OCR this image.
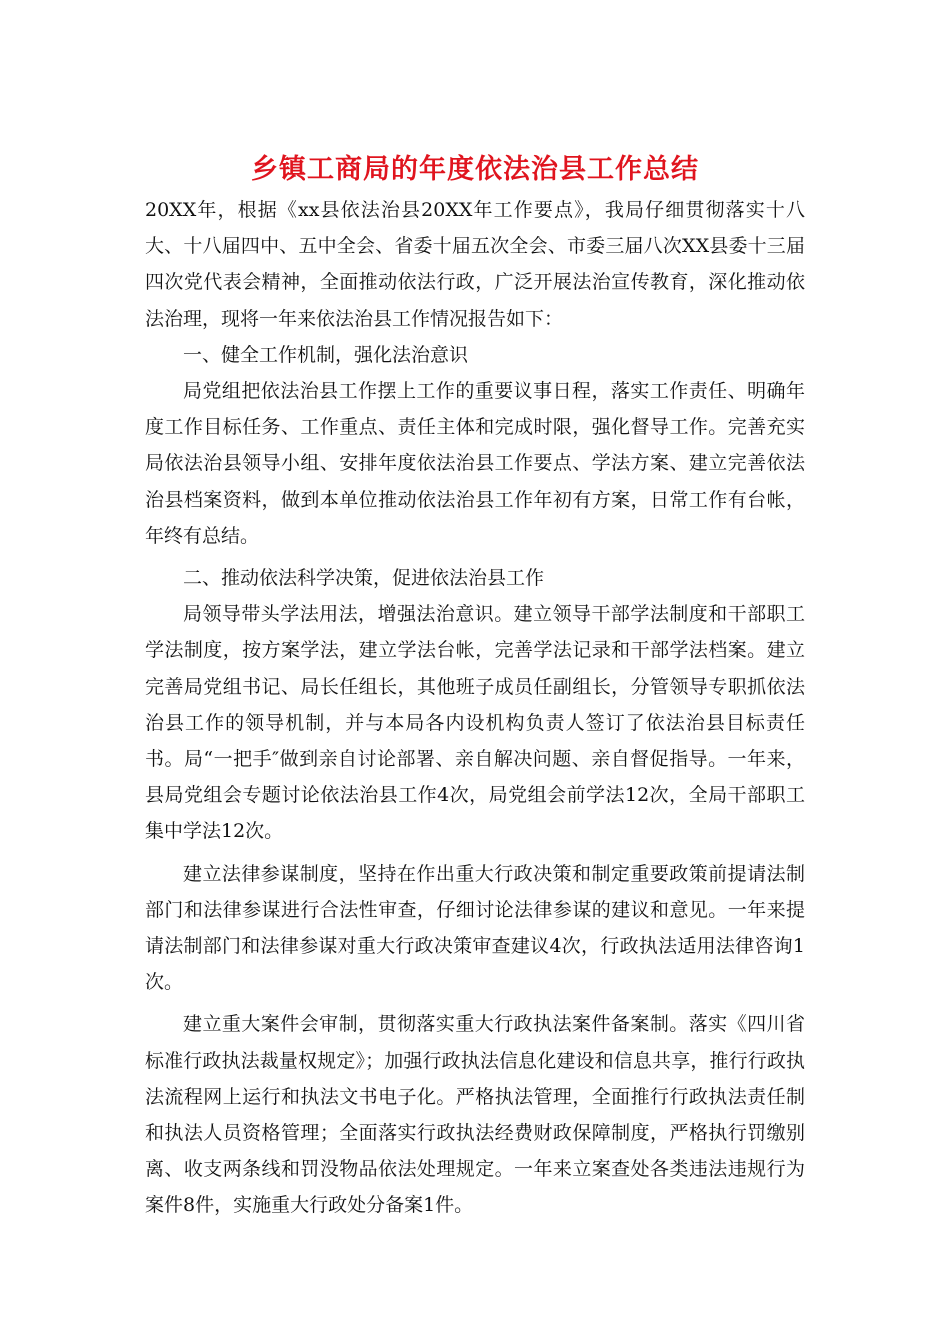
乡镇工商局的年度依法治县工作总结

20XX年，根据《xx县依法治县20XX年工作要点》，我局仔细贯彻落实十八大、十八届四中、五中全会、省委十届五次全会、市委三届八次XX县委十三届四次党代表会精神，全面推动依法行政，广泛开展法治宣传教育，深化推动依法治理，现将一年来依法治县工作情况报告如下：

一、健全工作机制，强化法治意识

局党组把依法治县工作摆上工作的重要议事日程，落实工作责任、明确年度工作目标任务、工作重点、责任主体和完成时限，强化督导工作。完善充实局依法治县领导小组、安排年度依法治县工作要点、学法方案、建立完善依法治县档案资料，做到本单位推动依法治县工作年初有方案，日常工作有台帐，年终有总结。

二、推动依法科学决策，促进依法治县工作

局领导带头学法用法，增强法治意识。建立领导干部学法制度和干部职工学法制度，按方案学法，建立学法台帐，完善学法记录和干部学法档案。建立完善局党组书记、局长任组长，其他班子成员任副组长，分管领导专职抓依法治县工作的领导机制，并与本局各内设机构负责人签订了依法治县目标责任书。局“一把手″做到亲自讨论部署、亲自解决问题、亲自督促指导。一年来，县局党组会专题讨论依法治县工作4次，局党组会前学法12次，全局干部职工集中学法12次。

建立法律参谋制度，坚持在作出重大行政决策和制定重要政策前提请法制部门和法律参谋进行合法性审查，仔细讨论法律参谋的建议和意见。一年来提请法制部门和法律参谋对重大行政决策审查建议4次，行政执法适用法律咨询1次。

建立重大案件会审制，贯彻落实重大行政执法案件备案制。落实《四川省标准行政执法裁量权规定》；加强行政执法信息化建设和信息共享，推行行政执法流程网上运行和执法文书电子化。严格执法管理，全面推行行政执法责任制和执法人员资格管理；全面落实行政执法经费财政保障制度，严格执行罚缴别离、收支两条线和罚没物品依法处理规定。一年来立案查处各类违法违规行为案件8件，实施重大行政处分备案1件。
